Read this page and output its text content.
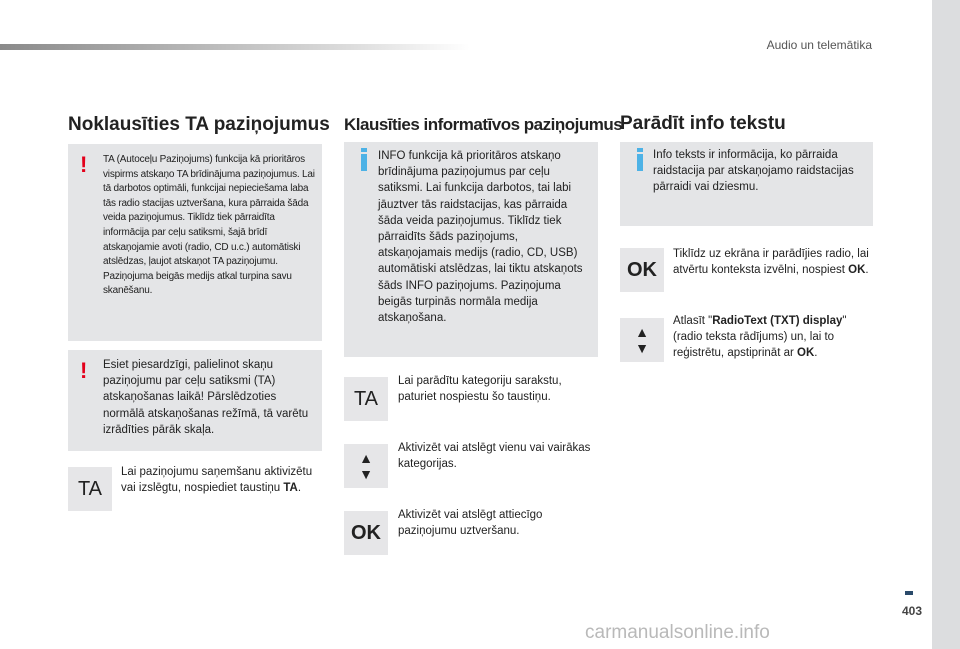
Audio un telemātika
403
Noklausīties TA paziņojumus
! TA (Autoceļu Paziņojums) funkcija kā prioritāros vispirms atskaņo TA brīdinājuma paziņojumus. Lai tā darbotos optimāli, funkcijai nepieciešama laba tās radio stacijas uztveršana, kura pārraida šāda veida paziņojumus. Tiklīdz tiek pārraidīta informācija par ceļu satiksmi, šajā brīdī atskaņojamie avoti (radio, CD u.c.) automātiski atslēdzas, ļaujot atskaņot TA paziņojumu. Paziņojuma beigās medijs atkal turpina savu skanēšanu.

! Esiet piesardzīgi, palielinot skaņu paziņojumu par ceļu satiksmi (TA) atskaņošanas laikā! Pārslēdzoties normālā atskaņošanas režīmā, tā varētu izrādīties pārāk skaļa.

TA

Lai paziņojumu saņemšanu aktivizētu vai izslēgtu, nospiediet taustiņu TA.

Klausīties informatīvos paziņojumus

INFO funkcija kā prioritāros atskaņo brīdinājuma paziņojumus par ceļu satiksmi. Lai funkcija darbotos, tai labi jāuztver tās raidstacijas, kas pārraida šāda veida paziņojumus. Tiklīdz tiek pārraidīts šāds paziņojums, atskaņojamais medijs (radio, CD, USB) automātiski atslēdzas, lai tiktu atskaņots šāds INFO paziņojums. Paziņojuma beigās turpinās normāla medija atskaņošana.

TA

Lai parādītu kategoriju sarakstu, paturiet nospiestu šo taustiņu.

▲
▼

Aktivizēt vai atslēgt vienu vai vairākas kategorijas.

OK

Aktivizēt vai atslēgt attiecīgo paziņojumu uztveršanu.

Parādīt info tekstu

Info teksts ir informācija, ko pārraida raidstacija par atskaņojamo raidstacijas pārraidi vai dziesmu.

OK

Tiklīdz uz ekrāna ir parādījies radio, lai atvērtu konteksta izvēlni, nospiest OK.

▲
▼

Atlasīt "RadioText (TXT) display" (radio teksta rādījums) un, lai to reģistrētu, apstiprināt ar OK.

carmanualsonline.info
